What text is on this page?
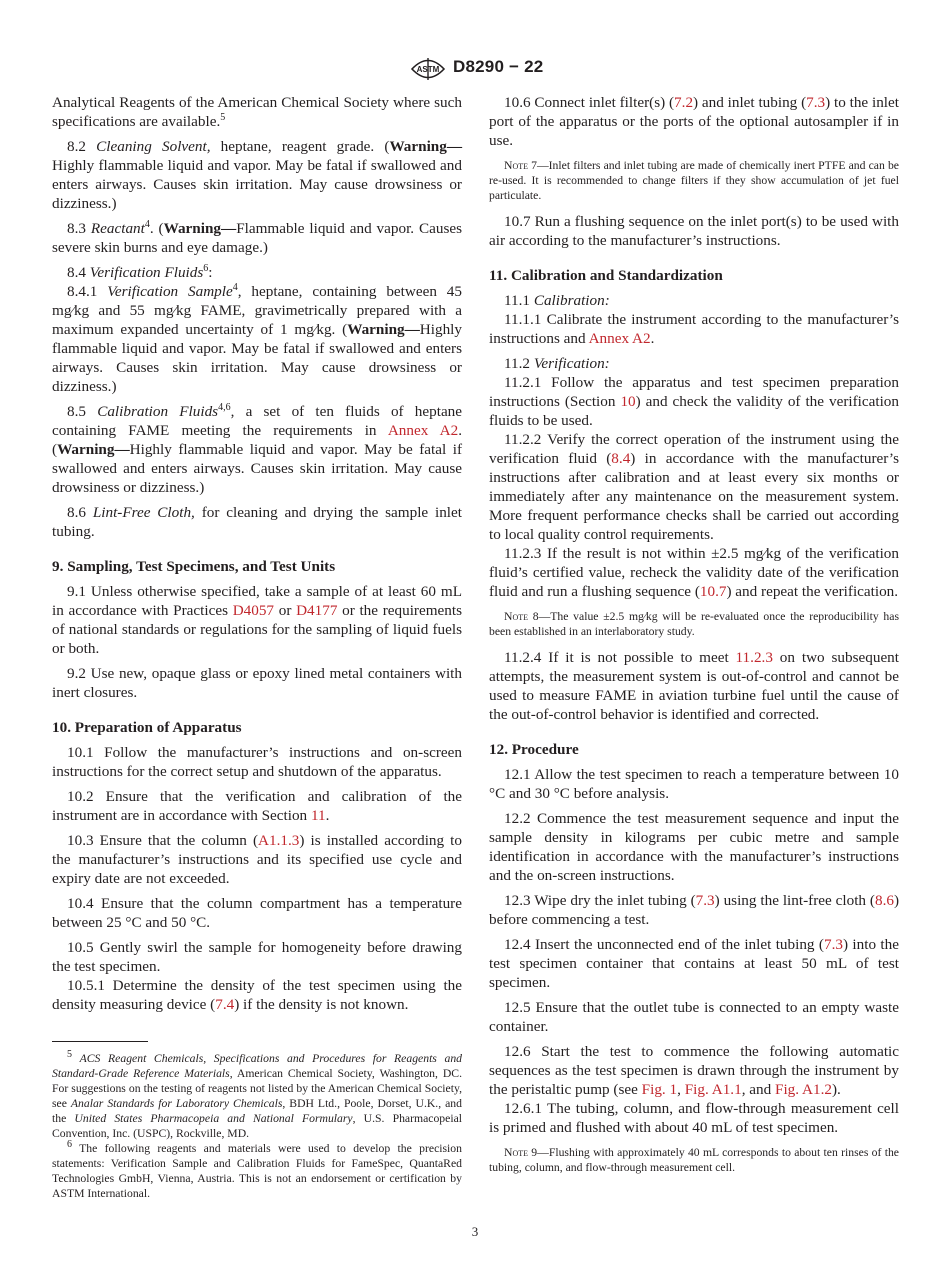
ASTM D8290 − 22

Analytical Reagents of the American Chemical Society where such specifications are available.$^5$

8.2 Cleaning Solvent, heptane, reagent grade. (Warning—Highly flammable liquid and vapor. May be fatal if swallowed and enters airways. Causes skin irritation. May cause drowsiness or dizziness.)

8.3 Reactant$^4$. (Warning—Flammable liquid and vapor. Causes severe skin burns and eye damage.)

8.4 Verification Fluids$^6$:

8.4.1 Verification Sample$^4$, heptane, containing between 45 mg⁄kg and 55 mg⁄kg FAME, gravimetrically prepared with a maximum expanded uncertainty of 1 mg⁄kg. (Warning—Highly flammable liquid and vapor. May be fatal if swallowed and enters airways. Causes skin irritation. May cause drowsiness or dizziness.)

8.5 Calibration Fluids$^{4,6}$, a set of ten fluids of heptane containing FAME meeting the requirements in Annex A2. (Warning—Highly flammable liquid and vapor. May be fatal if swallowed and enters airways. Causes skin irritation. May cause drowsiness or dizziness.)

8.6 Lint-Free Cloth, for cleaning and drying the sample inlet tubing.

9. Sampling, Test Specimens, and Test Units

9.1 Unless otherwise specified, take a sample of at least 60 mL in accordance with Practices D4057 or D4177 or the requirements of national standards or regulations for the sampling of liquid fuels or both.

9.2 Use new, opaque glass or epoxy lined metal containers with inert closures.

10. Preparation of Apparatus

10.1 Follow the manufacturer’s instructions and on-screen instructions for the correct setup and shutdown of the apparatus.

10.2 Ensure that the verification and calibration of the instrument are in accordance with Section 11.

10.3 Ensure that the column (A1.1.3) is installed according to the manufacturer’s instructions and its specified use cycle and expiry date are not exceeded.

10.4 Ensure that the column compartment has a temperature between 25 °C and 50 °C.

10.5 Gently swirl the sample for homogeneity before drawing the test specimen.

10.5.1 Determine the density of the test specimen using the density measuring device (7.4) if the density is not known.

$^5$ ACS Reagent Chemicals, Specifications and Procedures for Reagents and Standard-Grade Reference Materials, American Chemical Society, Washington, DC. For suggestions on the testing of reagents not listed by the American Chemical Society, see Analar Standards for Laboratory Chemicals, BDH Ltd., Poole, Dorset, U.K., and the United States Pharmacopeia and National Formulary, U.S. Pharmacopeial Convention, Inc. (USPC), Rockville, MD.

$^6$ The following reagents and materials were used to develop the precision statements: Verification Sample and Calibration Fluids for FameSpec, QuantaRed Technologies GmbH, Vienna, Austria. This is not an endorsement or certification by ASTM International.

10.6 Connect inlet filter(s) (7.2) and inlet tubing (7.3) to the inlet port of the apparatus or the ports of the optional autosampler if in use.

Note 7—Inlet filters and inlet tubing are made of chemically inert PTFE and can be re-used. It is recommended to change filters if they show accumulation of jet fuel particulate.

10.7 Run a flushing sequence on the inlet port(s) to be used with air according to the manufacturer’s instructions.

11. Calibration and Standardization

11.1 Calibration:

11.1.1 Calibrate the instrument according to the manufacturer’s instructions and Annex A2.

11.2 Verification:

11.2.1 Follow the apparatus and test specimen preparation instructions (Section 10) and check the validity of the verification fluids to be used.

11.2.2 Verify the correct operation of the instrument using the verification fluid (8.4) in accordance with the manufacturer’s instructions after calibration and at least every six months or immediately after any maintenance on the measurement system. More frequent performance checks shall be carried out according to local quality control requirements.

11.2.3 If the result is not within ±2.5 mg⁄kg of the verification fluid’s certified value, recheck the validity date of the verification fluid and run a flushing sequence (10.7) and repeat the verification.

Note 8—The value ±2.5 mg⁄kg will be re-evaluated once the reproducibility has been established in an interlaboratory study.

11.2.4 If it is not possible to meet 11.2.3 on two subsequent attempts, the measurement system is out-of-control and cannot be used to measure FAME in aviation turbine fuel until the cause of the out-of-control behavior is identified and corrected.

12. Procedure

12.1 Allow the test specimen to reach a temperature between 10 °C and 30 °C before analysis.

12.2 Commence the test measurement sequence and input the sample density in kilograms per cubic metre and sample identification in accordance with the manufacturer’s instructions and the on-screen instructions.

12.3 Wipe dry the inlet tubing (7.3) using the lint-free cloth (8.6) before commencing a test.

12.4 Insert the unconnected end of the inlet tubing (7.3) into the test specimen container that contains at least 50 mL of test specimen.

12.5 Ensure that the outlet tube is connected to an empty waste container.

12.6 Start the test to commence the following automatic sequences as the test specimen is drawn through the instrument by the peristaltic pump (see Fig. 1, Fig. A1.1, and Fig. A1.2).

12.6.1 The tubing, column, and flow-through measurement cell is primed and flushed with about 40 mL of test specimen.

Note 9—Flushing with approximately 40 mL corresponds to about ten rinses of the tubing, column, and flow-through measurement cell.

3
